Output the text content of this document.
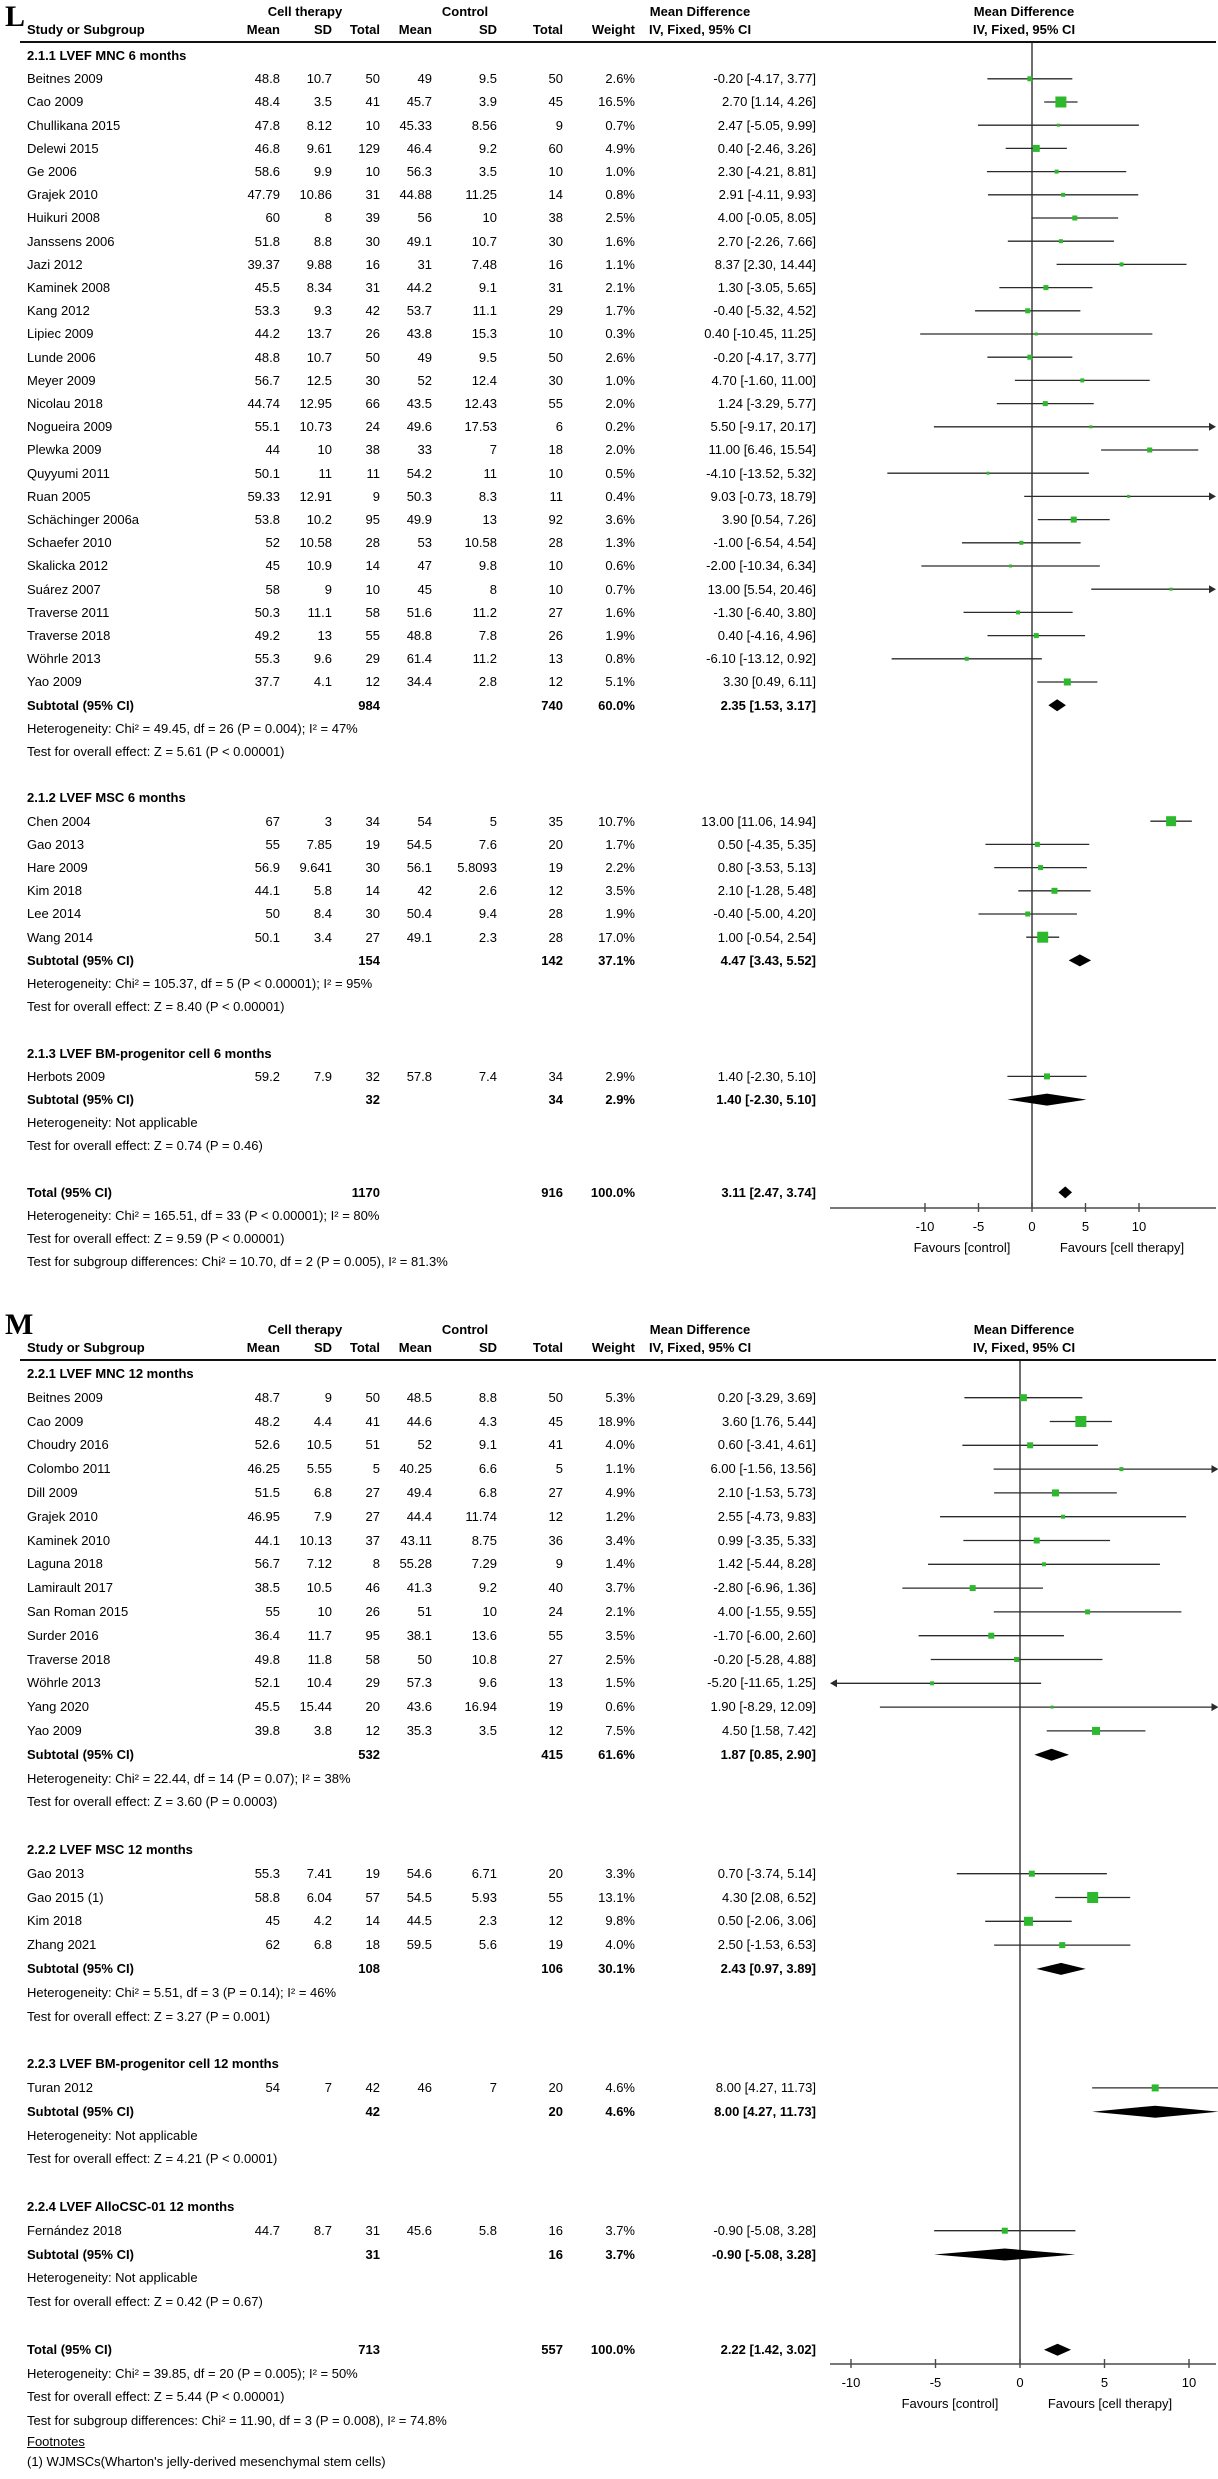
L	Cell therapy	Control	Mean Difference	Mean Difference
Study or Subgroup	Mean	SD	Total	Mean	SD	Total	Weight	IV, Fixed, 95% CI	IV, Fixed, 95% CI
2.1.1 LVEF MNC 6 months
Beitnes 2009	48.8	10.7	50	49	9.5	50	2.6%	-0.20 [-4.17, 3.77]
Cao 2009	48.4	3.5	41	45.7	3.9	45	16.5%	2.70 [1.14, 4.26]
Chullikana 2015	47.8	8.12	10	45.33	8.56	9	0.7%	2.47 [-5.05, 9.99]
Delewi 2015	46.8	9.61	129	46.4	9.2	60	4.9%	0.40 [-2.46, 3.26]
Ge 2006	58.6	9.9	10	56.3	3.5	10	1.0%	2.30 [-4.21, 8.81]
Grajek 2010	47.79	10.86	31	44.88	11.25	14	0.8%	2.91 [-4.11, 9.93]
Huikuri 2008	60	8	39	56	10	38	2.5%	4.00 [-0.05, 8.05]
Janssens 2006	51.8	8.8	30	49.1	10.7	30	1.6%	2.70 [-2.26, 7.66]
Jazi 2012	39.37	9.88	16	31	7.48	16	1.1%	8.37 [2.30, 14.44]
Kaminek 2008	45.5	8.34	31	44.2	9.1	31	2.1%	1.30 [-3.05, 5.65]
Kang 2012	53.3	9.3	42	53.7	11.1	29	1.7%	-0.40 [-5.32, 4.52]
Lipiec 2009	44.2	13.7	26	43.8	15.3	10	0.3%	0.40 [-10.45, 11.25]
Lunde 2006	48.8	10.7	50	49	9.5	50	2.6%	-0.20 [-4.17, 3.77]
Meyer 2009	56.7	12.5	30	52	12.4	30	1.0%	4.70 [-1.60, 11.00]
Nicolau 2018	44.74	12.95	66	43.5	12.43	55	2.0%	1.24 [-3.29, 5.77]
Nogueira 2009	55.1	10.73	24	49.6	17.53	6	0.2%	5.50 [-9.17, 20.17]
Plewka 2009	44	10	38	33	7	18	2.0%	11.00 [6.46, 15.54]
Quyyumi 2011	50.1	11	11	54.2	11	10	0.5%	-4.10 [-13.52, 5.32]
Ruan 2005	59.33	12.91	9	50.3	8.3	11	0.4%	9.03 [-0.73, 18.79]
Schächinger 2006a	53.8	10.2	95	49.9	13	92	3.6%	3.90 [0.54, 7.26]
Schaefer 2010	52	10.58	28	53	10.58	28	1.3%	-1.00 [-6.54, 4.54]
Skalicka 2012	45	10.9	14	47	9.8	10	0.6%	-2.00 [-10.34, 6.34]
Suárez 2007	58	9	10	45	8	10	0.7%	13.00 [5.54, 20.46]
Traverse 2011	50.3	11.1	58	51.6	11.2	27	1.6%	-1.30 [-6.40, 3.80]
Traverse 2018	49.2	13	55	48.8	7.8	26	1.9%	0.40 [-4.16, 4.96]
Wöhrle 2013	55.3	9.6	29	61.4	11.2	13	0.8%	-6.10 [-13.12, 0.92]
Yao 2009	37.7	4.1	12	34.4	2.8	12	5.1%	3.30 [0.49, 6.11]
Subtotal (95% CI)	984	740	60.0%	2.35 [1.53, 3.17]
Heterogeneity: Chi² = 49.45, df = 26 (P = 0.004); I² = 47%
Test for overall effect: Z = 5.61 (P < 0.00001)
2.1.2 LVEF MSC 6 months
Chen 2004	67	3	34	54	5	35	10.7%	13.00 [11.06, 14.94]
Gao 2013	55	7.85	19	54.5	7.6	20	1.7%	0.50 [-4.35, 5.35]
Hare 2009	56.9	9.641	30	56.1	5.8093	19	2.2%	0.80 [-3.53, 5.13]
Kim 2018	44.1	5.8	14	42	2.6	12	3.5%	2.10 [-1.28, 5.48]
Lee 2014	50	8.4	30	50.4	9.4	28	1.9%	-0.40 [-5.00, 4.20]
Wang 2014	50.1	3.4	27	49.1	2.3	28	17.0%	1.00 [-0.54, 2.54]
Subtotal (95% CI)	154	142	37.1%	4.47 [3.43, 5.52]
Heterogeneity: Chi² = 105.37, df = 5 (P < 0.00001); I² = 95%
Test for overall effect: Z = 8.40 (P < 0.00001)
2.1.3 LVEF BM-progenitor cell 6 months
Herbots 2009	59.2	7.9	32	57.8	7.4	34	2.9%	1.40 [-2.30, 5.10]
Subtotal (95% CI)	32	34	2.9%	1.40 [-2.30, 5.10]
Heterogeneity: Not applicable
Test for overall effect: Z = 0.74 (P = 0.46)
Total (95% CI)	1170	916	100.0%	3.11 [2.47, 3.74]
Heterogeneity: Chi² = 165.51, df = 33 (P < 0.00001); I² = 80%
Test for overall effect: Z = 9.59 (P < 0.00001)
Test for subgroup differences: Chi² = 10.70, df = 2 (P = 0.005), I² = 81.3%
-10	-5	0	5	10
Favours [control]	Favours [cell therapy]
M	Cell therapy	Control	Mean Difference	Mean Difference
Study or Subgroup	Mean	SD	Total	Mean	SD	Total	Weight	IV, Fixed, 95% CI	IV, Fixed, 95% CI
2.2.1 LVEF MNC 12 months
Beitnes 2009	48.7	9	50	48.5	8.8	50	5.3%	0.20 [-3.29, 3.69]
Cao 2009	48.2	4.4	41	44.6	4.3	45	18.9%	3.60 [1.76, 5.44]
Choudry 2016	52.6	10.5	51	52	9.1	41	4.0%	0.60 [-3.41, 4.61]
Colombo 2011	46.25	5.55	5	40.25	6.6	5	1.1%	6.00 [-1.56, 13.56]
Dill 2009	51.5	6.8	27	49.4	6.8	27	4.9%	2.10 [-1.53, 5.73]
Grajek 2010	46.95	7.9	27	44.4	11.74	12	1.2%	2.55 [-4.73, 9.83]
Kaminek 2010	44.1	10.13	37	43.11	8.75	36	3.4%	0.99 [-3.35, 5.33]
Laguna 2018	56.7	7.12	8	55.28	7.29	9	1.4%	1.42 [-5.44, 8.28]
Lamirault 2017	38.5	10.5	46	41.3	9.2	40	3.7%	-2.80 [-6.96, 1.36]
San Roman 2015	55	10	26	51	10	24	2.1%	4.00 [-1.55, 9.55]
Surder 2016	36.4	11.7	95	38.1	13.6	55	3.5%	-1.70 [-6.00, 2.60]
Traverse 2018	49.8	11.8	58	50	10.8	27	2.5%	-0.20 [-5.28, 4.88]
Wöhrle 2013	52.1	10.4	29	57.3	9.6	13	1.5%	-5.20 [-11.65, 1.25]
Yang 2020	45.5	15.44	20	43.6	16.94	19	0.6%	1.90 [-8.29, 12.09]
Yao 2009	39.8	3.8	12	35.3	3.5	12	7.5%	4.50 [1.58, 7.42]
Subtotal (95% CI)	532	415	61.6%	1.87 [0.85, 2.90]
Heterogeneity: Chi² = 22.44, df = 14 (P = 0.07); I² = 38%
Test for overall effect: Z = 3.60 (P = 0.0003)
2.2.2 LVEF MSC 12 months
Gao 2013	55.3	7.41	19	54.6	6.71	20	3.3%	0.70 [-3.74, 5.14]
Gao 2015 (1)	58.8	6.04	57	54.5	5.93	55	13.1%	4.30 [2.08, 6.52]
Kim 2018	45	4.2	14	44.5	2.3	12	9.8%	0.50 [-2.06, 3.06]
Zhang 2021	62	6.8	18	59.5	5.6	19	4.0%	2.50 [-1.53, 6.53]
Subtotal (95% CI)	108	106	30.1%	2.43 [0.97, 3.89]
Heterogeneity: Chi² = 5.51, df = 3 (P = 0.14); I² = 46%
Test for overall effect: Z = 3.27 (P = 0.001)
2.2.3 LVEF BM-progenitor cell 12 months
Turan 2012	54	7	42	46	7	20	4.6%	8.00 [4.27, 11.73]
Subtotal (95% CI)	42	20	4.6%	8.00 [4.27, 11.73]
Heterogeneity: Not applicable
Test for overall effect: Z = 4.21 (P < 0.0001)
2.2.4 LVEF AlloCSC-01 12 months
Fernández 2018	44.7	8.7	31	45.6	5.8	16	3.7%	-0.90 [-5.08, 3.28]
Subtotal (95% CI)	31	16	3.7%	-0.90 [-5.08, 3.28]
Heterogeneity: Not applicable
Test for overall effect: Z = 0.42 (P = 0.67)
Total (95% CI)	713	557	100.0%	2.22 [1.42, 3.02]
Heterogeneity: Chi² = 39.85, df = 20 (P = 0.005); I² = 50%
Test for overall effect: Z = 5.44 (P < 0.00001)
Test for subgroup differences: Chi² = 11.90, df = 3 (P = 0.008), I² = 74.8%
-10	-5	0	5	10
Favours [control]	Favours [cell therapy]
Footnotes
(1) WJMSCs(Wharton's jelly-derived mesenchymal stem cells)
